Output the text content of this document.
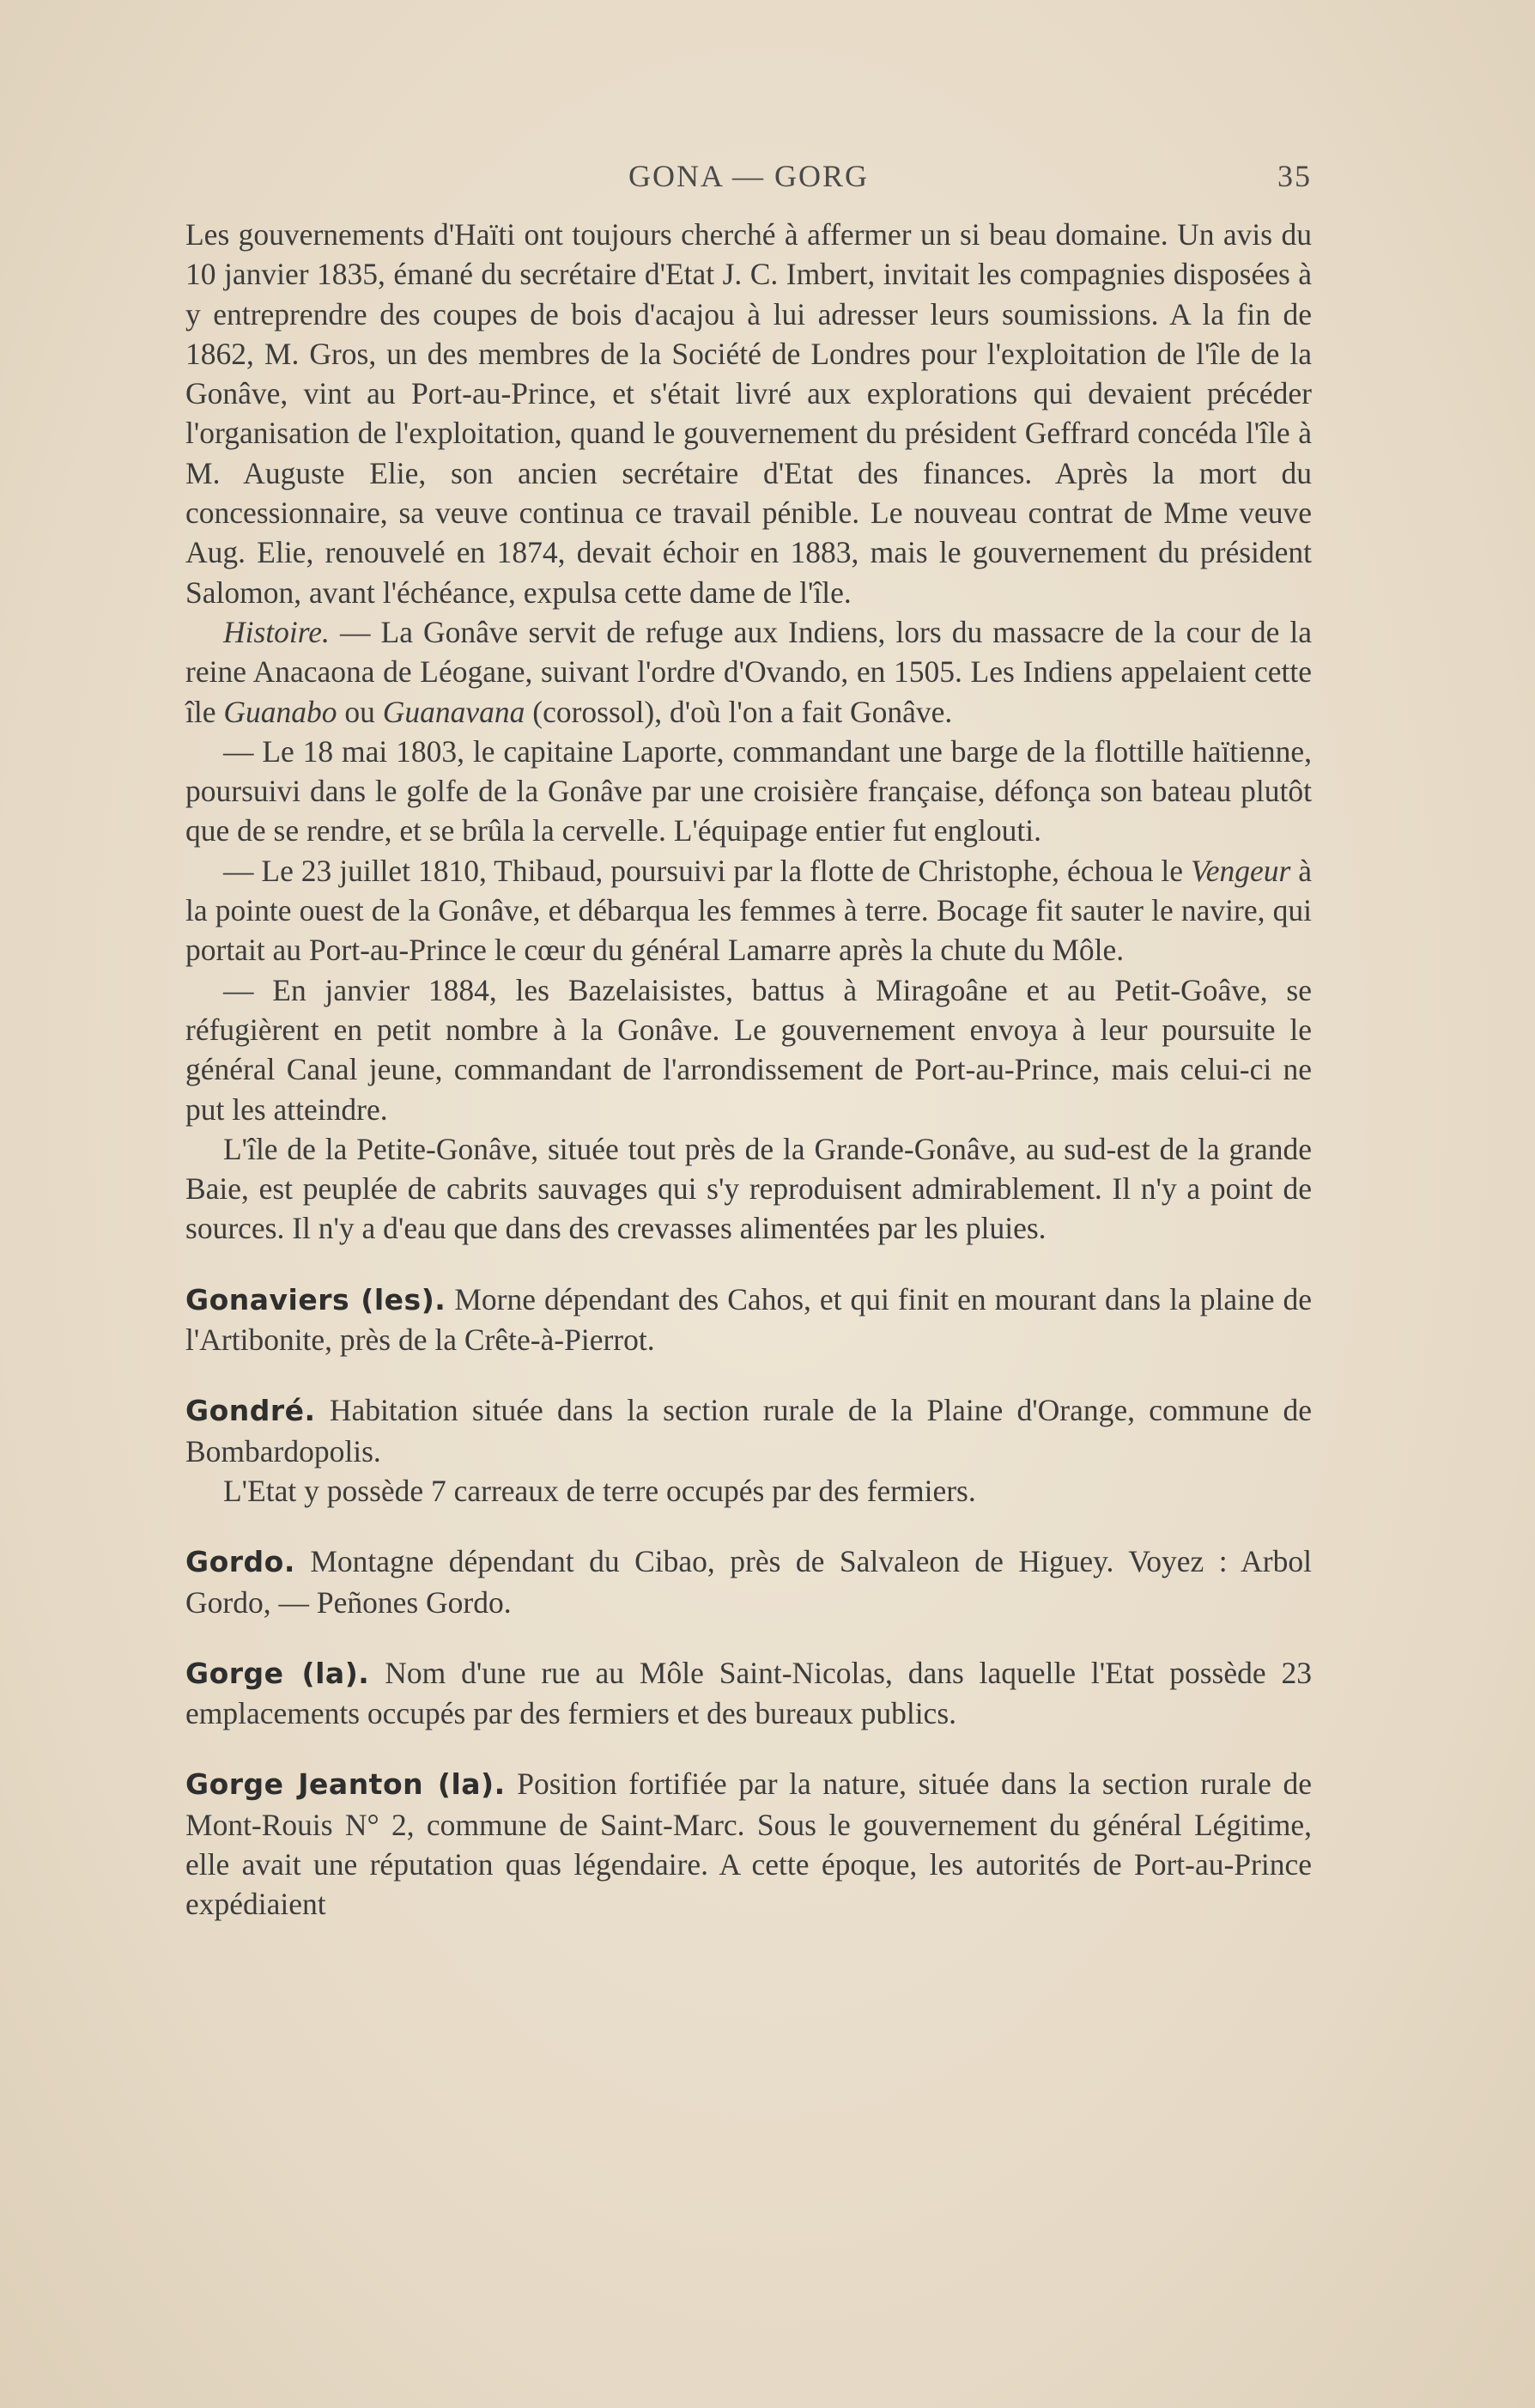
GONA — GORG	35

Les gouvernements d'Haïti ont toujours cherché à affermer un si beau domaine. Un avis du 10 janvier 1835, émané du secrétaire d'Etat J. C. Imbert, invitait les compagnies disposées à y entreprendre des coupes de bois d'acajou à lui adresser leurs soumissions. A la fin de 1862, M. Gros, un des membres de la Société de Londres pour l'exploitation de l'île de la Gonâve, vint au Port-au-Prince, et s'était livré aux explorations qui devaient précéder l'organisation de l'exploitation, quand le gouvernement du président Geffrard concéda l'île à M. Auguste Elie, son ancien secrétaire d'Etat des finances. Après la mort du concessionnaire, sa veuve continua ce travail pénible. Le nouveau contrat de Mme veuve Aug. Elie, renouvelé en 1874, devait échoir en 1883, mais le gouvernement du président Salomon, avant l'échéance, expulsa cette dame de l'île.

Histoire. — La Gonâve servit de refuge aux Indiens, lors du massacre de la cour de la reine Anacaona de Léogane, suivant l'ordre d'Ovando, en 1505. Les Indiens appelaient cette île Guanabo ou Guanavana (corossol), d'où l'on a fait Gonâve.

— Le 18 mai 1803, le capitaine Laporte, commandant une barge de la flottille haïtienne, poursuivi dans le golfe de la Gonâve par une croisière française, défonça son bateau plutôt que de se rendre, et se brûla la cervelle. L'équipage entier fut englouti.

— Le 23 juillet 1810, Thibaud, poursuivi par la flotte de Christophe, échoua le Vengeur à la pointe ouest de la Gonâve, et débarqua les femmes à terre. Bocage fit sauter le navire, qui portait au Port-au-Prince le cœur du général Lamarre après la chute du Môle.

— En janvier 1884, les Bazelaisistes, battus à Miragoâne et au Petit-Goâve, se réfugièrent en petit nombre à la Gonâve. Le gouvernement envoya à leur poursuite le général Canal jeune, commandant de l'arrondissement de Port-au-Prince, mais celui-ci ne put les atteindre.

L'île de la Petite-Gonâve, située tout près de la Grande-Gonâve, au sud-est de la grande Baie, est peuplée de cabrits sauvages qui s'y reproduisent admirablement. Il n'y a point de sources. Il n'y a d'eau que dans des crevasses alimentées par les pluies.

Gonaviers (les). Morne dépendant des Cahos, et qui finit en mourant dans la plaine de l'Artibonite, près de la Crête-à-Pierrot.

Gondré. Habitation située dans la section rurale de la Plaine d'Orange, commune de Bombardopolis.

L'Etat y possède 7 carreaux de terre occupés par des fermiers.

Gordo. Montagne dépendant du Cibao, près de Salvaleon de Higuey. Voyez : Arbol Gordo, — Peñones Gordo.

Gorge (la). Nom d'une rue au Môle Saint-Nicolas, dans laquelle l'Etat possède 23 emplacements occupés par des fermiers et des bureaux publics.

Gorge Jeanton (la). Position fortifiée par la nature, située dans la section rurale de Mont-Rouis N° 2, commune de Saint-Marc. Sous le gouvernement du général Légitime, elle avait une réputation quas légendaire. A cette époque, les autorités de Port-au-Prince expédiaient
